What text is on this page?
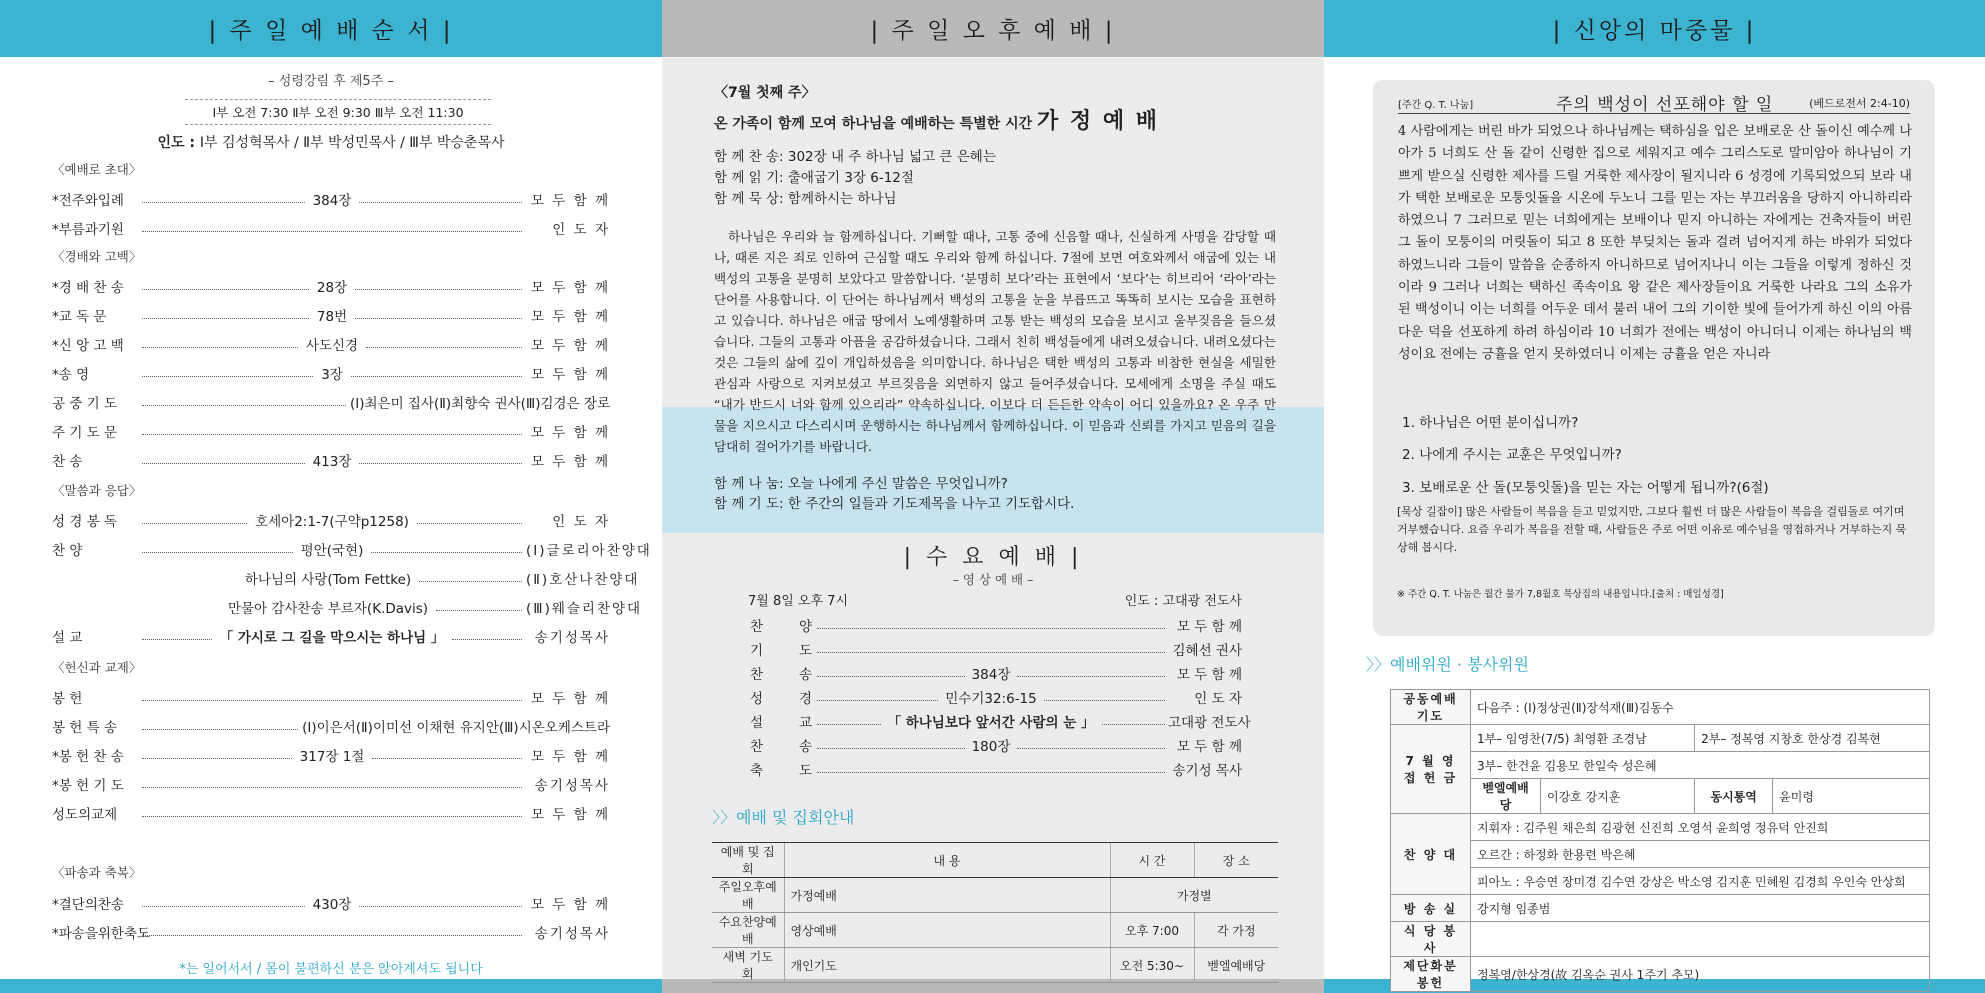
| 주 일 예 배 순 서 |
– 성령강림 후 제5주 –
Ⅰ부 오전 7:30 Ⅱ부 오전 9:30 Ⅲ부 오전 11:30
인도 : Ⅰ부 김성혁목사 / Ⅱ부 박성민목사 / Ⅲ부 박승춘목사
〈예배로 초대〉
〈경배와 고백〉
〈말씀과 응답〉
〈헌신과 교제〉
〈파송과 축복〉
*전주와입례	384장	모 두 함 께
*부름과기원	인 도 자
*경 배 찬 송	28장	모 두 함 께
*교 독 문	78번	모 두 함 께
*신 앙 고 백	사도신경	모 두 함 께
*송 영	3장	모 두 함 께
공 중 기 도	(Ⅰ)최은미 집사(Ⅱ)최향숙 권사(Ⅲ)김경은 장로
주 기 도 문	모 두 함 께
찬 송	413장	모 두 함 께
성 경 봉 독	호세아2:1-7(구약p1258)	인 도 자
찬 양	평안(국현)	(Ⅰ)글로리아찬양대
하나님의 사랑(Tom Fettke)	(Ⅱ)호산나찬양대
만물아 감사찬송 부르자(K.Davis)	(Ⅲ)웨슬리찬양대
설 교	「 가시로 그 길을 막으시는 하나님 」	송기성목사
봉 헌	모 두 함 께
봉 헌 특 송	(Ⅰ)이은서(Ⅱ)이미선 이채현 유지안(Ⅲ)시온오케스트라
*봉 헌 찬 송	317장 1절	모 두 함 께
*봉 헌 기 도	송기성목사
성도의교제	모 두 함 께
*결단의찬송	430장	모 두 함 께
*파송을위한축도	송기성목사
*는 일어서서 / 몸이 불편하신 분은 앉아계셔도 됩니다
| 주 일 오 후 예 배 |
〈7월 첫째 주〉
온 가족이 함께 모여 하나님을 예배하는 특별한 시간 가 정 예 배
함 께 찬 송: 302장 내 주 하나님 넓고 큰 은혜는
함 께 읽 기: 출애굽기 3장 6-12절
함 께 묵 상: 함께하시는 하나님
하나님은 우리와 늘 함께하십니다. 기뻐할 때나, 고통 중에 신음할 때나, 신실하게 사명을 감당할 때나, 때론 지은 죄로 인하여 근심할 때도 우리와 함께 하십니다. 7절에 보면 여호와께서 애굽에 있는 내 백성의 고통을 분명히 보았다고 말씀합니다. ‘분명히 보다’라는 표현에서 ‘보다’는 히브리어 ‘라아’라는 단어를 사용합니다. 이 단어는 하나님께서 백성의 고통을 눈을 부릅뜨고 똑똑히 보시는 모습을 표현하고 있습니다. 하나님은 애굽 땅에서 노예생활하며 고통 받는 백성의 모습을 보시고 울부짖음을 들으셨습니다. 그들의 고통과 아픔을 공감하셨습니다. 그래서 친히 백성들에게 내려오셨습니다. 내려오셨다는 것은 그들의 삶에 깊이 개입하셨음을 의미합니다. 하나님은 택한 백성의 고통과 비참한 현실을 세밀한 관심과 사랑으로 지켜보셨고 부르짖음을 외면하지 않고 들어주셨습니다. 모세에게 소명을 주실 때도 “내가 반드시 너와 함께 있으리라” 약속하십니다. 이보다 더 든든한 약속이 어디 있을까요? 온 우주 만물을 지으시고 다스리시며 운행하시는 하나님께서 함께하십니다. 이 믿음과 신뢰를 가지고 믿음의 길을 담대히 걸어가기를 바랍니다.
함 께 나 눔: 오늘 나에게 주신 말씀은 무엇입니까?
함 께 기 도: 한 주간의 일들과 기도제목을 나누고 기도합시다.
| 수 요 예 배 |
– 영 상 예 배 –
7월 8일 오후 7시	인도 : 고대광 전도사
찬양	모 두 함 께
기도	김혜선 권사
찬송	384장	모 두 함 께
성경	민수기32:6-15	인 도 자
설교	「 하나님보다 앞서간 사람의 눈 」	고대광 전도사
찬송	180장	모 두 함 께
축도	송기성 목사
〉〉예배 및 집회안내
예배 및 집회	내 용	시 간	장 소
주일오후예배	가정예배	가정별	
수요찬양예배	영상예배	오후 7:00	각 가정
새벽 기도회	개인기도	오전 5:30∼	벧엘예배당
| 신앙의 마중물 |
[주간 Q. T. 나눔]	주의 백성이 선포해야 할 일	(베드로전서 2:4-10)
4 사람에게는 버린 바가 되었으나 하나님께는 택하심을 입은 보배로운 산 돌이신 예수께 나아가 5 너희도 산 돌 같이 신령한 집으로 세워지고 예수 그리스도로 말미암아 하나님이 기쁘게 받으실 신령한 제사를 드릴 거룩한 제사장이 될지니라 6 성경에 기록되었으되 보라 내가 택한 보배로운 모퉁잇돌을 시온에 두노니 그를 믿는 자는 부끄러움을 당하지 아니하리라 하였으니 7 그러므로 믿는 너희에게는 보배이나 믿지 아니하는 자에게는 건축자들이 버린 그 돌이 모퉁이의 머릿돌이 되고 8 또한 부딪치는 돌과 걸려 넘어지게 하는 바위가 되었다 하였느니라 그들이 말씀을 순종하지 아니하므로 넘어지나니 이는 그들을 이렇게 정하신 것이라 9 그러나 너희는 택하신 족속이요 왕 같은 제사장들이요 거룩한 나라요 그의 소유가 된 백성이니 이는 너희를 어두운 데서 불러 내어 그의 기이한 빛에 들어가게 하신 이의 아름다운 덕을 선포하게 하려 하심이라 10 너희가 전에는 백성이 아니더니 이제는 하나님의 백성이요 전에는 긍휼을 얻지 못하였더니 이제는 긍휼을 얻은 자니라
1. 하나님은 어떤 분이십니까?
2. 나에게 주시는 교훈은 무엇입니까?
3. 보배로운 산 돌(모퉁잇돌)을 믿는 자는 어떻게 됩니까?(6절)
[묵상 길잡이] 많은 사람들이 복음을 듣고 믿었지만, 그보다 훨씬 더 많은 사람들이 복음을 걸림돌로 여기며 거부했습니다. 요즘 우리가 복음을 전할 때, 사람들은 주로 어떤 이유로 예수님을 영접하거나 거부하는지 묵상해 봅시다.
※ 주간 Q. T. 나눔은 월간 물가 7,8월호 묵상집의 내용입니다.[출처 : 매일성경]
〉〉예배위원 · 봉사위원
공동예배기도	다음주 : (Ⅰ)정상권(Ⅱ)장석재(Ⅲ)김동수			
7 월 영 접 헌 금	1부– 임영찬(7/5) 최영환 조경남		2부– 정복영 지창호 한상경 김복현	
	3부– 한건윤 김용모 한일숙 성은혜			
	벧엘예배당	이강호 강지훈	동시통역	윤미령
찬 양 대	지휘자 : 김주원 채은희 김광현 신진희 오영석 윤희영 정유덕 안진희			
	오르간 : 하정화 한용련 박은혜			
	피아노 : 우승연 장미경 김수연 강상은 박소영 김지훈 민혜원 김경희 우인숙 안상희			
방 송 실	강지형 임종범			
식 당 봉 사				
제단화분봉헌	정복영/한상경(故 김옥순 권사 1주기 추모)			
